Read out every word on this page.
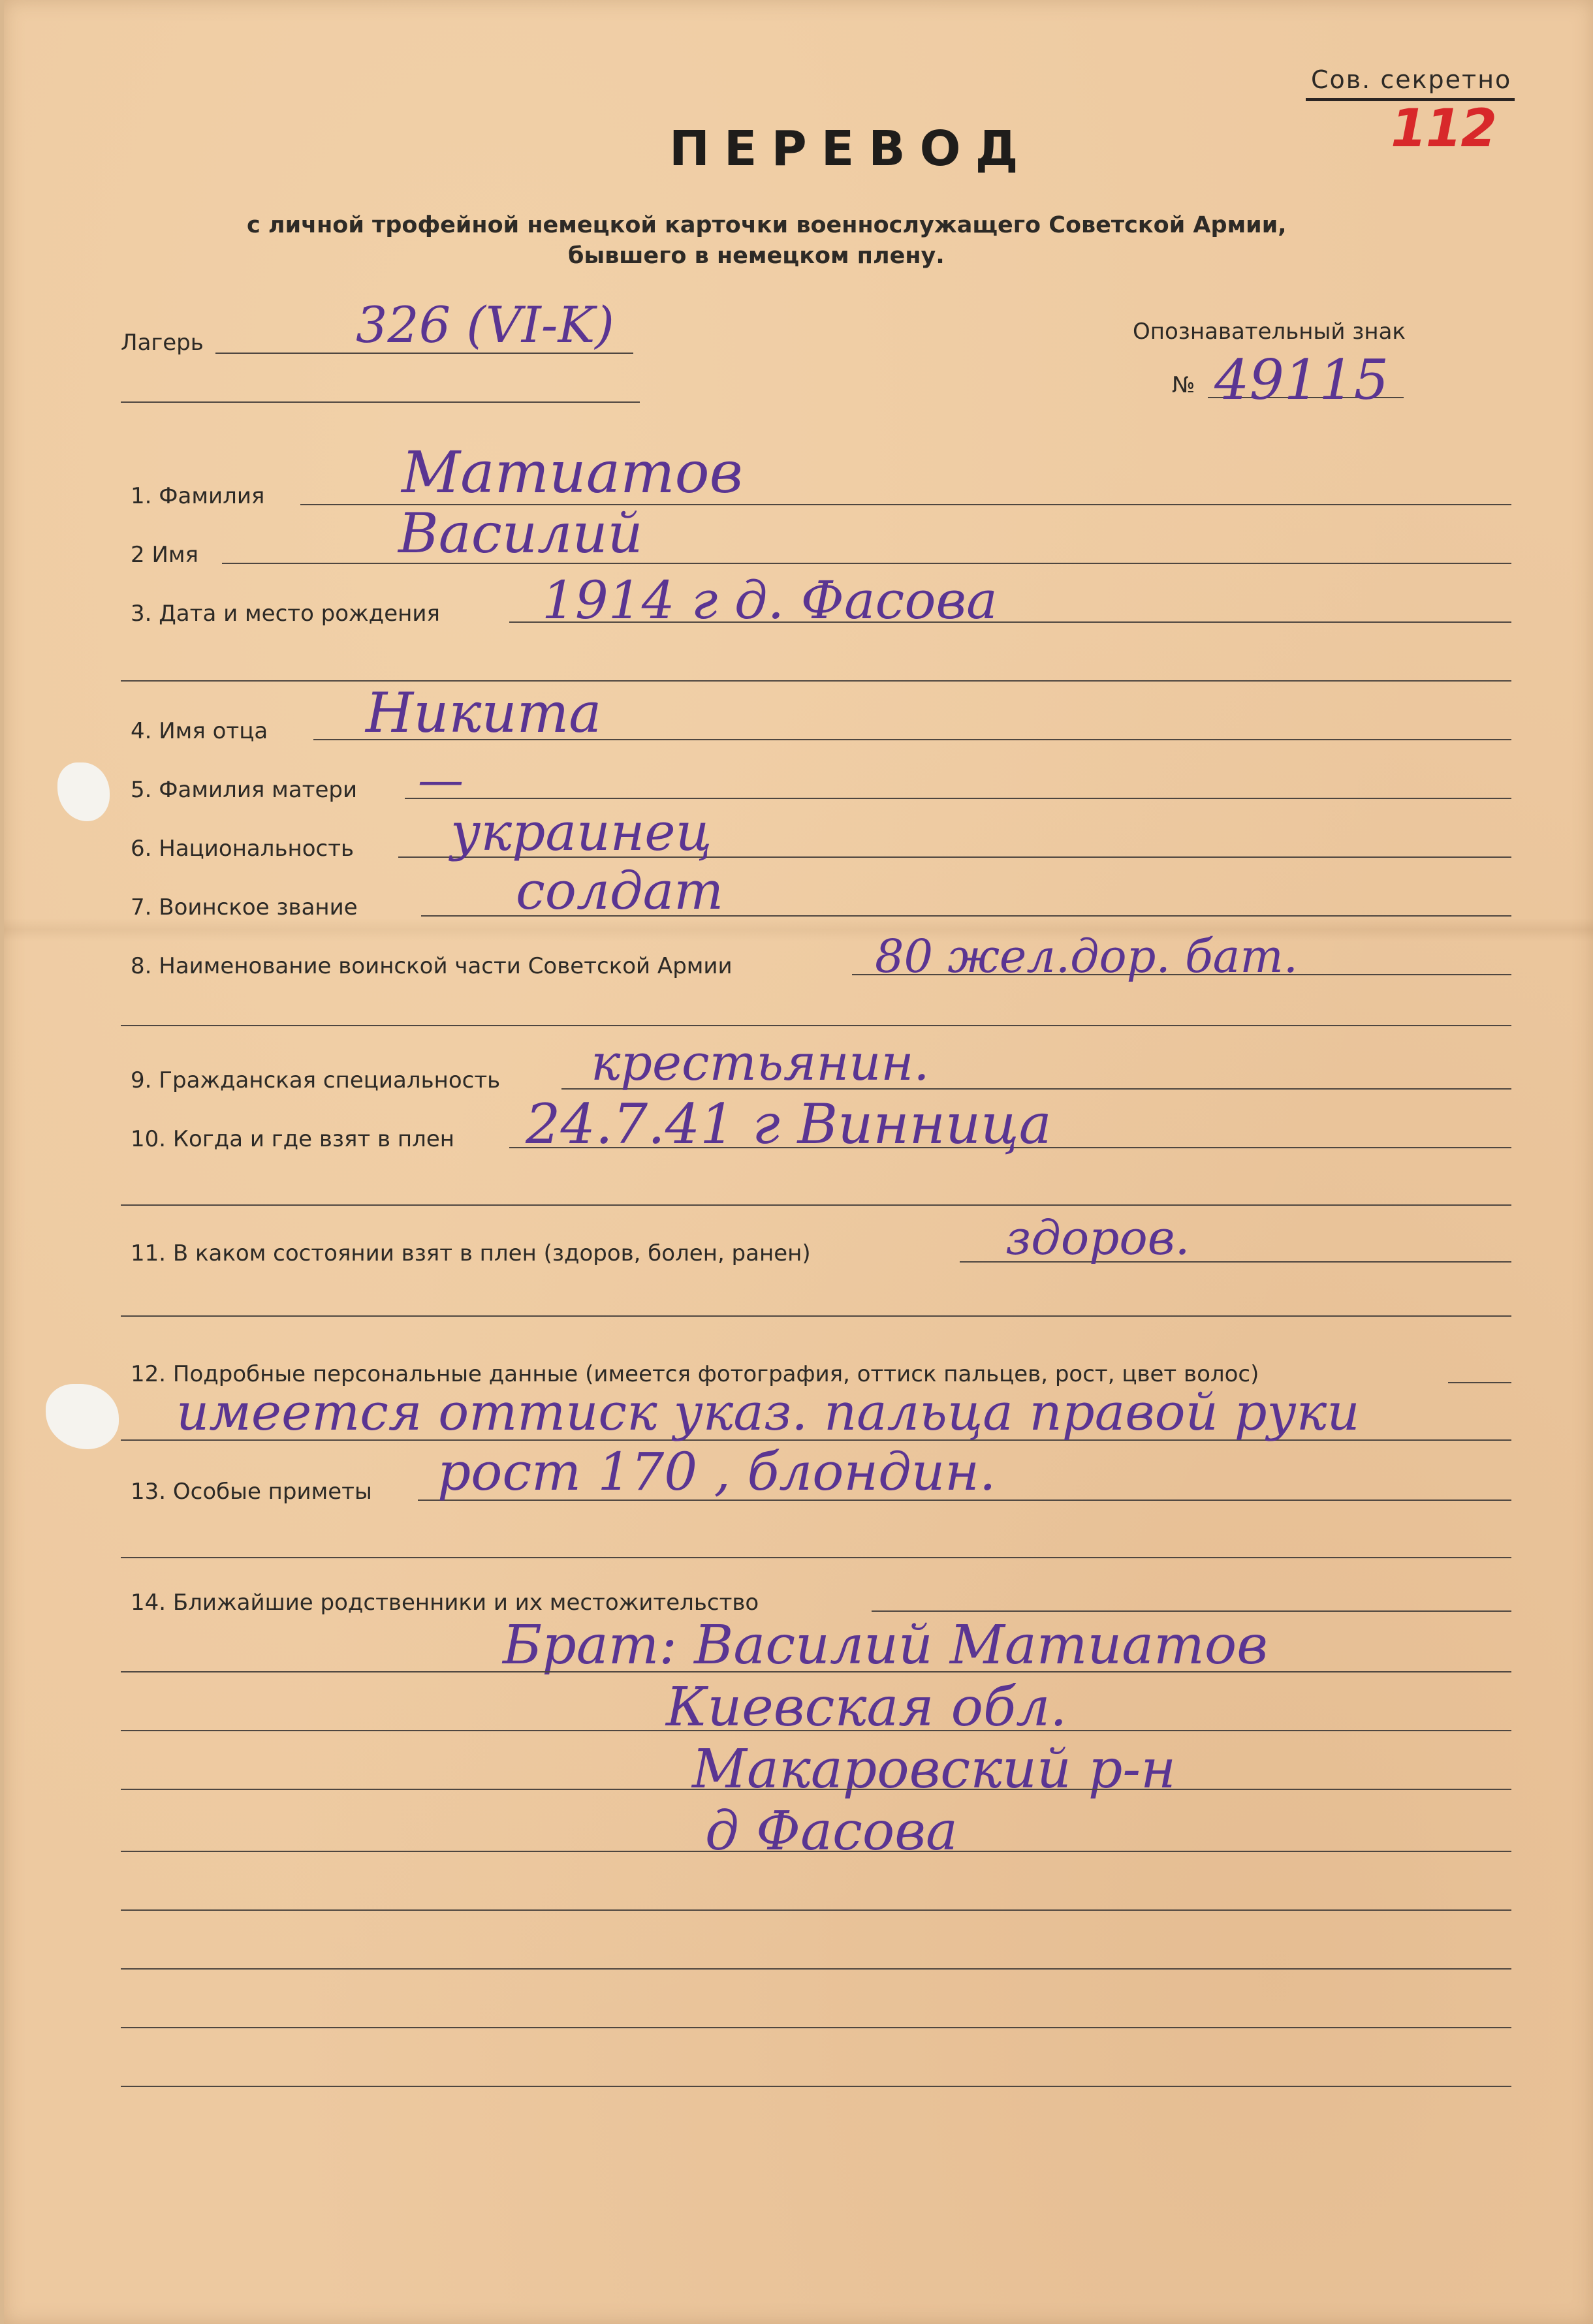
Сов. секретно
112
ПЕРЕВОД
с личной трофейной немецкой карточки военнослужащего Советской Армии,
бывшего в немецком плену.
Лагерь	326 (VI-K)	Опознавательный знак
№ 49115
1. Фамилия Матиатов
2 Имя	Василий
3. Дата и место рождения 1914 г д. Фасова
4. Имя отца Никита
5. Фамилия матери —
6. Национальность украинец
7. Воинское звание	солдат
8. Наименование воинской части Советской Армии	80 жел.дор. бат.
9. Гражданская специальность крестьянин.
10. Когда и где взят в плен 24.7.41 г Винница
11. В каком состоянии взят в плен (здоров, болен, ранен)	здоров.
12. Подробные персональные данные (имеется фотография, оттиск пальцев, рост, цвет волос)
имеется оттиск указ. пальца правой руки
13. Особые приметы рост 170 , блондин.
14. Ближайшие родственники и их местожительство
Брат: Василий Матиатов
Киевская обл.
Макаровский р-н
д Фасова
